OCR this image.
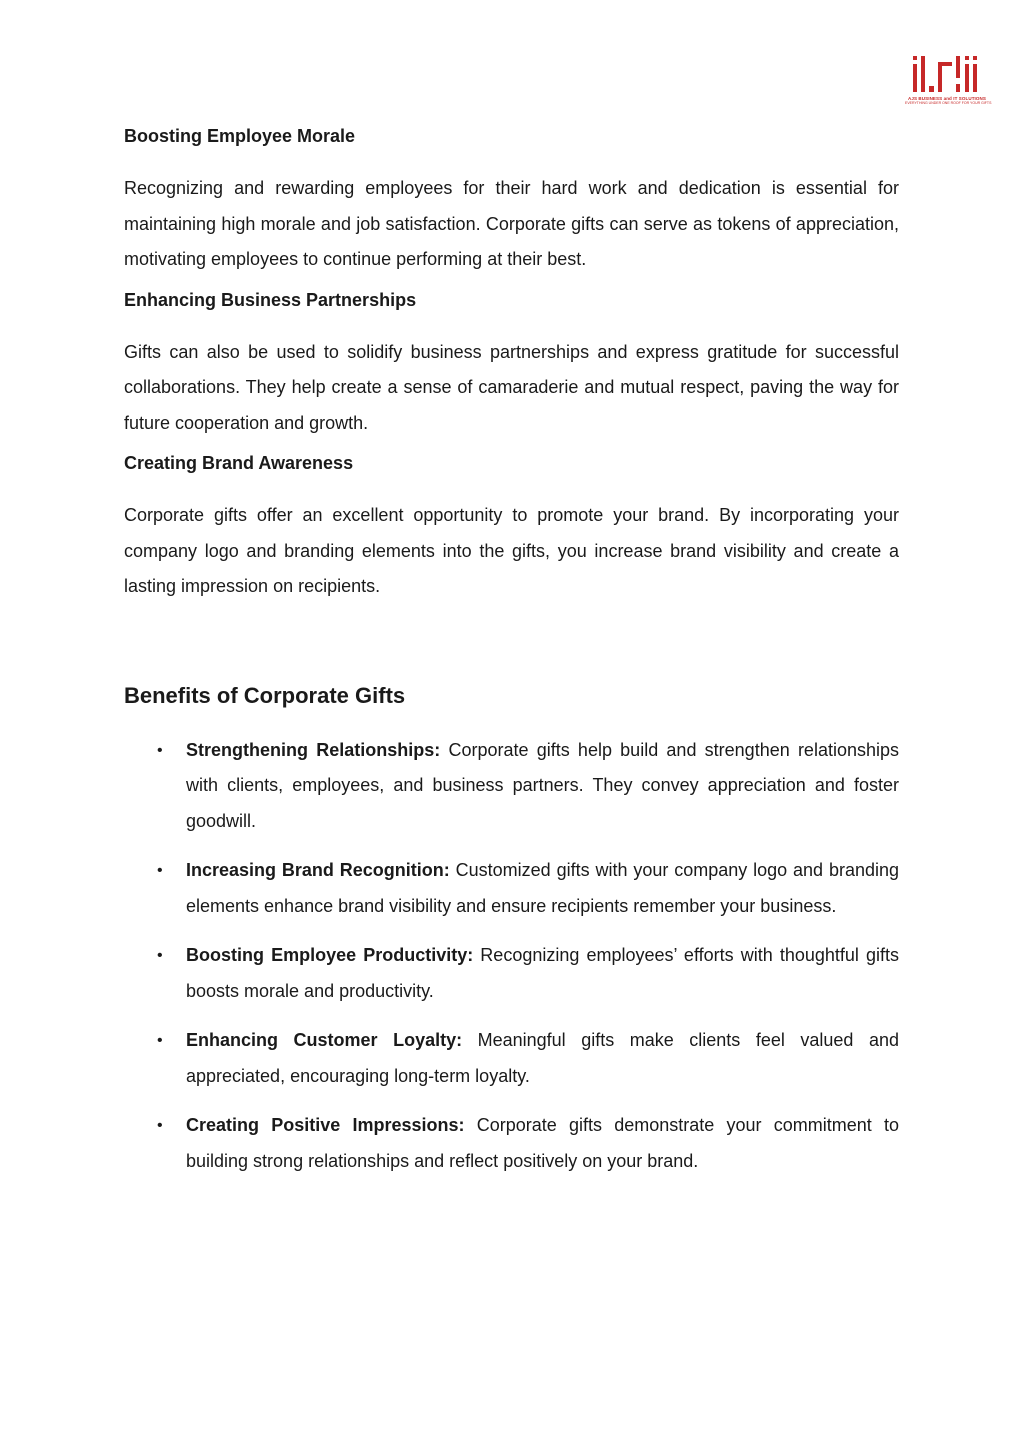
AJS BUSINESS and IT SOLUTIONS
EVERYTHING UNDER ONE ROOF FOR YOUR GIFTS
Boosting Employee Morale

Recognizing and rewarding employees for their hard work and dedication is essential for maintaining high morale and job satisfaction. Corporate gifts can serve as tokens of appreciation, motivating employees to continue performing at their best.

Enhancing Business Partnerships

Gifts can also be used to solidify business partnerships and express gratitude for successful collaborations. They help create a sense of camaraderie and mutual respect, paving the way for future cooperation and growth.

Creating Brand Awareness

Corporate gifts offer an excellent opportunity to promote your brand. By incorporating your company logo and branding elements into the gifts, you increase brand visibility and create a lasting impression on recipients.

Benefits of Corporate Gifts
• Strengthening Relationships: Corporate gifts help build and strengthen relationships with clients, employees, and business partners. They convey appreciation and foster goodwill.
• Increasing Brand Recognition: Customized gifts with your company logo and branding elements enhance brand visibility and ensure recipients remember your business.
• Boosting Employee Productivity: Recognizing employees’ efforts with thoughtful gifts boosts morale and productivity.
• Enhancing Customer Loyalty: Meaningful gifts make clients feel valued and appreciated, encouraging long-term loyalty.
• Creating Positive Impressions: Corporate gifts demonstrate your commitment to building strong relationships and reflect positively on your brand.
